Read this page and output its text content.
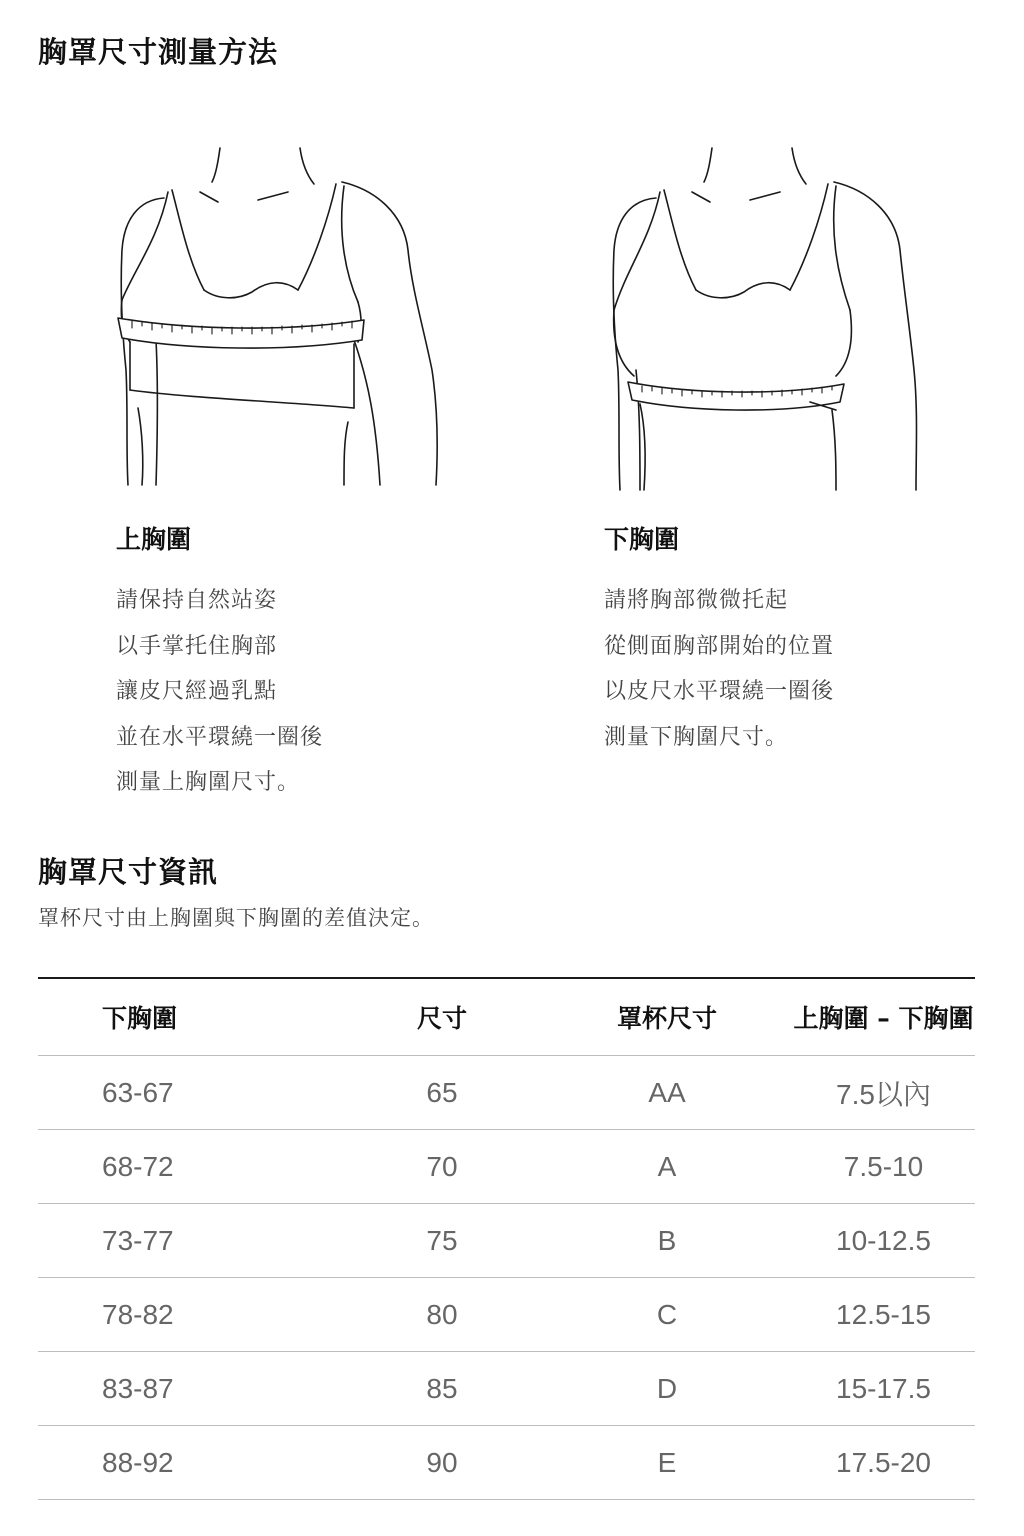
胸罩尺寸測量方法
上胸圍
請保持自然站姿
以手掌托住胸部
讓皮尺經過乳點
並在水平環繞一圈後
測量上胸圍尺寸。
下胸圍
請將胸部微微托起
從側面胸部開始的位置
以皮尺水平環繞一圈後
測量下胸圍尺寸。
胸罩尺寸資訊
罩杯尺寸由上胸圍與下胸圍的差值決定。
下胸圍	尺寸	罩杯尺寸	上胸圍 – 下胸圍
63-67	65	AA	7.5以內
68-72	70	A	7.5-10
73-77	75	B	10-12.5
78-82	80	C	12.5-15
83-87	85	D	15-17.5
88-92	90	E	17.5-20
